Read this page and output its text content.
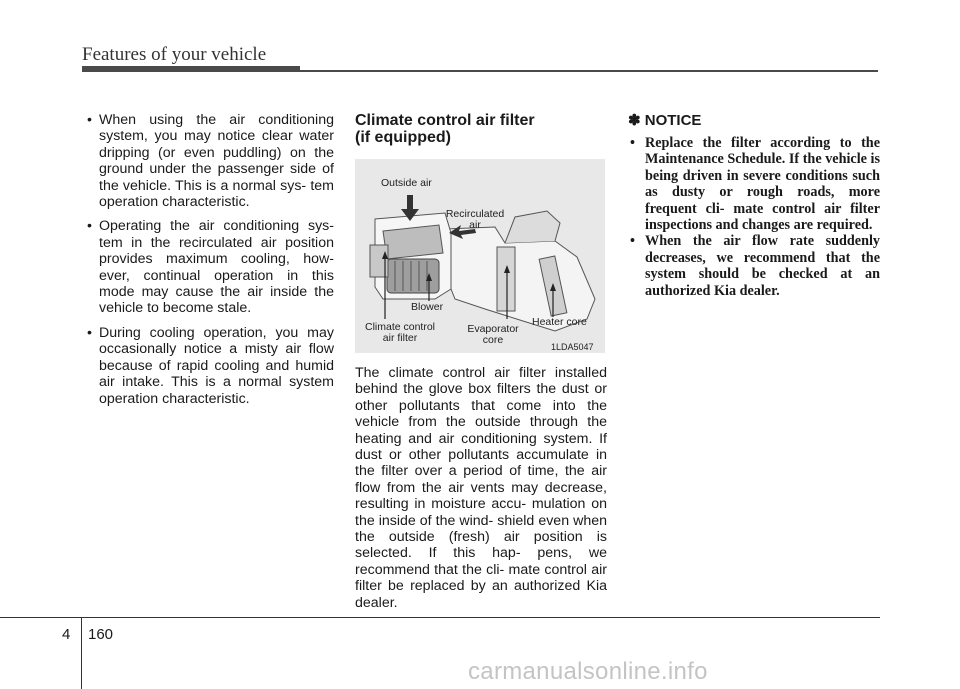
Features of your vehicle
• When using the air conditioning system, you may notice clear water dripping (or even puddling) on the ground under the passenger side of the vehicle. This is a normal sys- tem operation characteristic.
• Operating the air conditioning sys- tem in the recirculated air position provides maximum cooling, how- ever, continual operation in this mode may cause the air inside the vehicle to become stale.
• During cooling operation, you may occasionally notice a misty air flow because of rapid cooling and humid air intake. This is a normal system operation characteristic.
Climate control air filter
(if equipped)
Outside air
Recirculated
air
Blower
Climate control
air filter
Evaporator
core
Heater core
1LDA5047
The climate control air filter installed behind the glove box filters the dust or other pollutants that come into the vehicle from the outside through the heating and air conditioning system. If dust or other pollutants accumulate in the filter over a period of time, the air flow from the air vents may decrease, resulting in moisture accu- mulation on the inside of the wind- shield even when the outside (fresh) air position is selected. If this hap- pens, we recommend that the cli- mate control air filter be replaced by an authorized Kia dealer.
✽ NOTICE
• Replace the filter according to the Maintenance Schedule. If the vehicle is being driven in severe conditions such as dusty or rough roads, more frequent cli- mate control air filter inspections and changes are required.
• When the air flow rate suddenly decreases, we recommend that the system should be checked at an authorized Kia dealer.
4 160
carmanualsonline.info
